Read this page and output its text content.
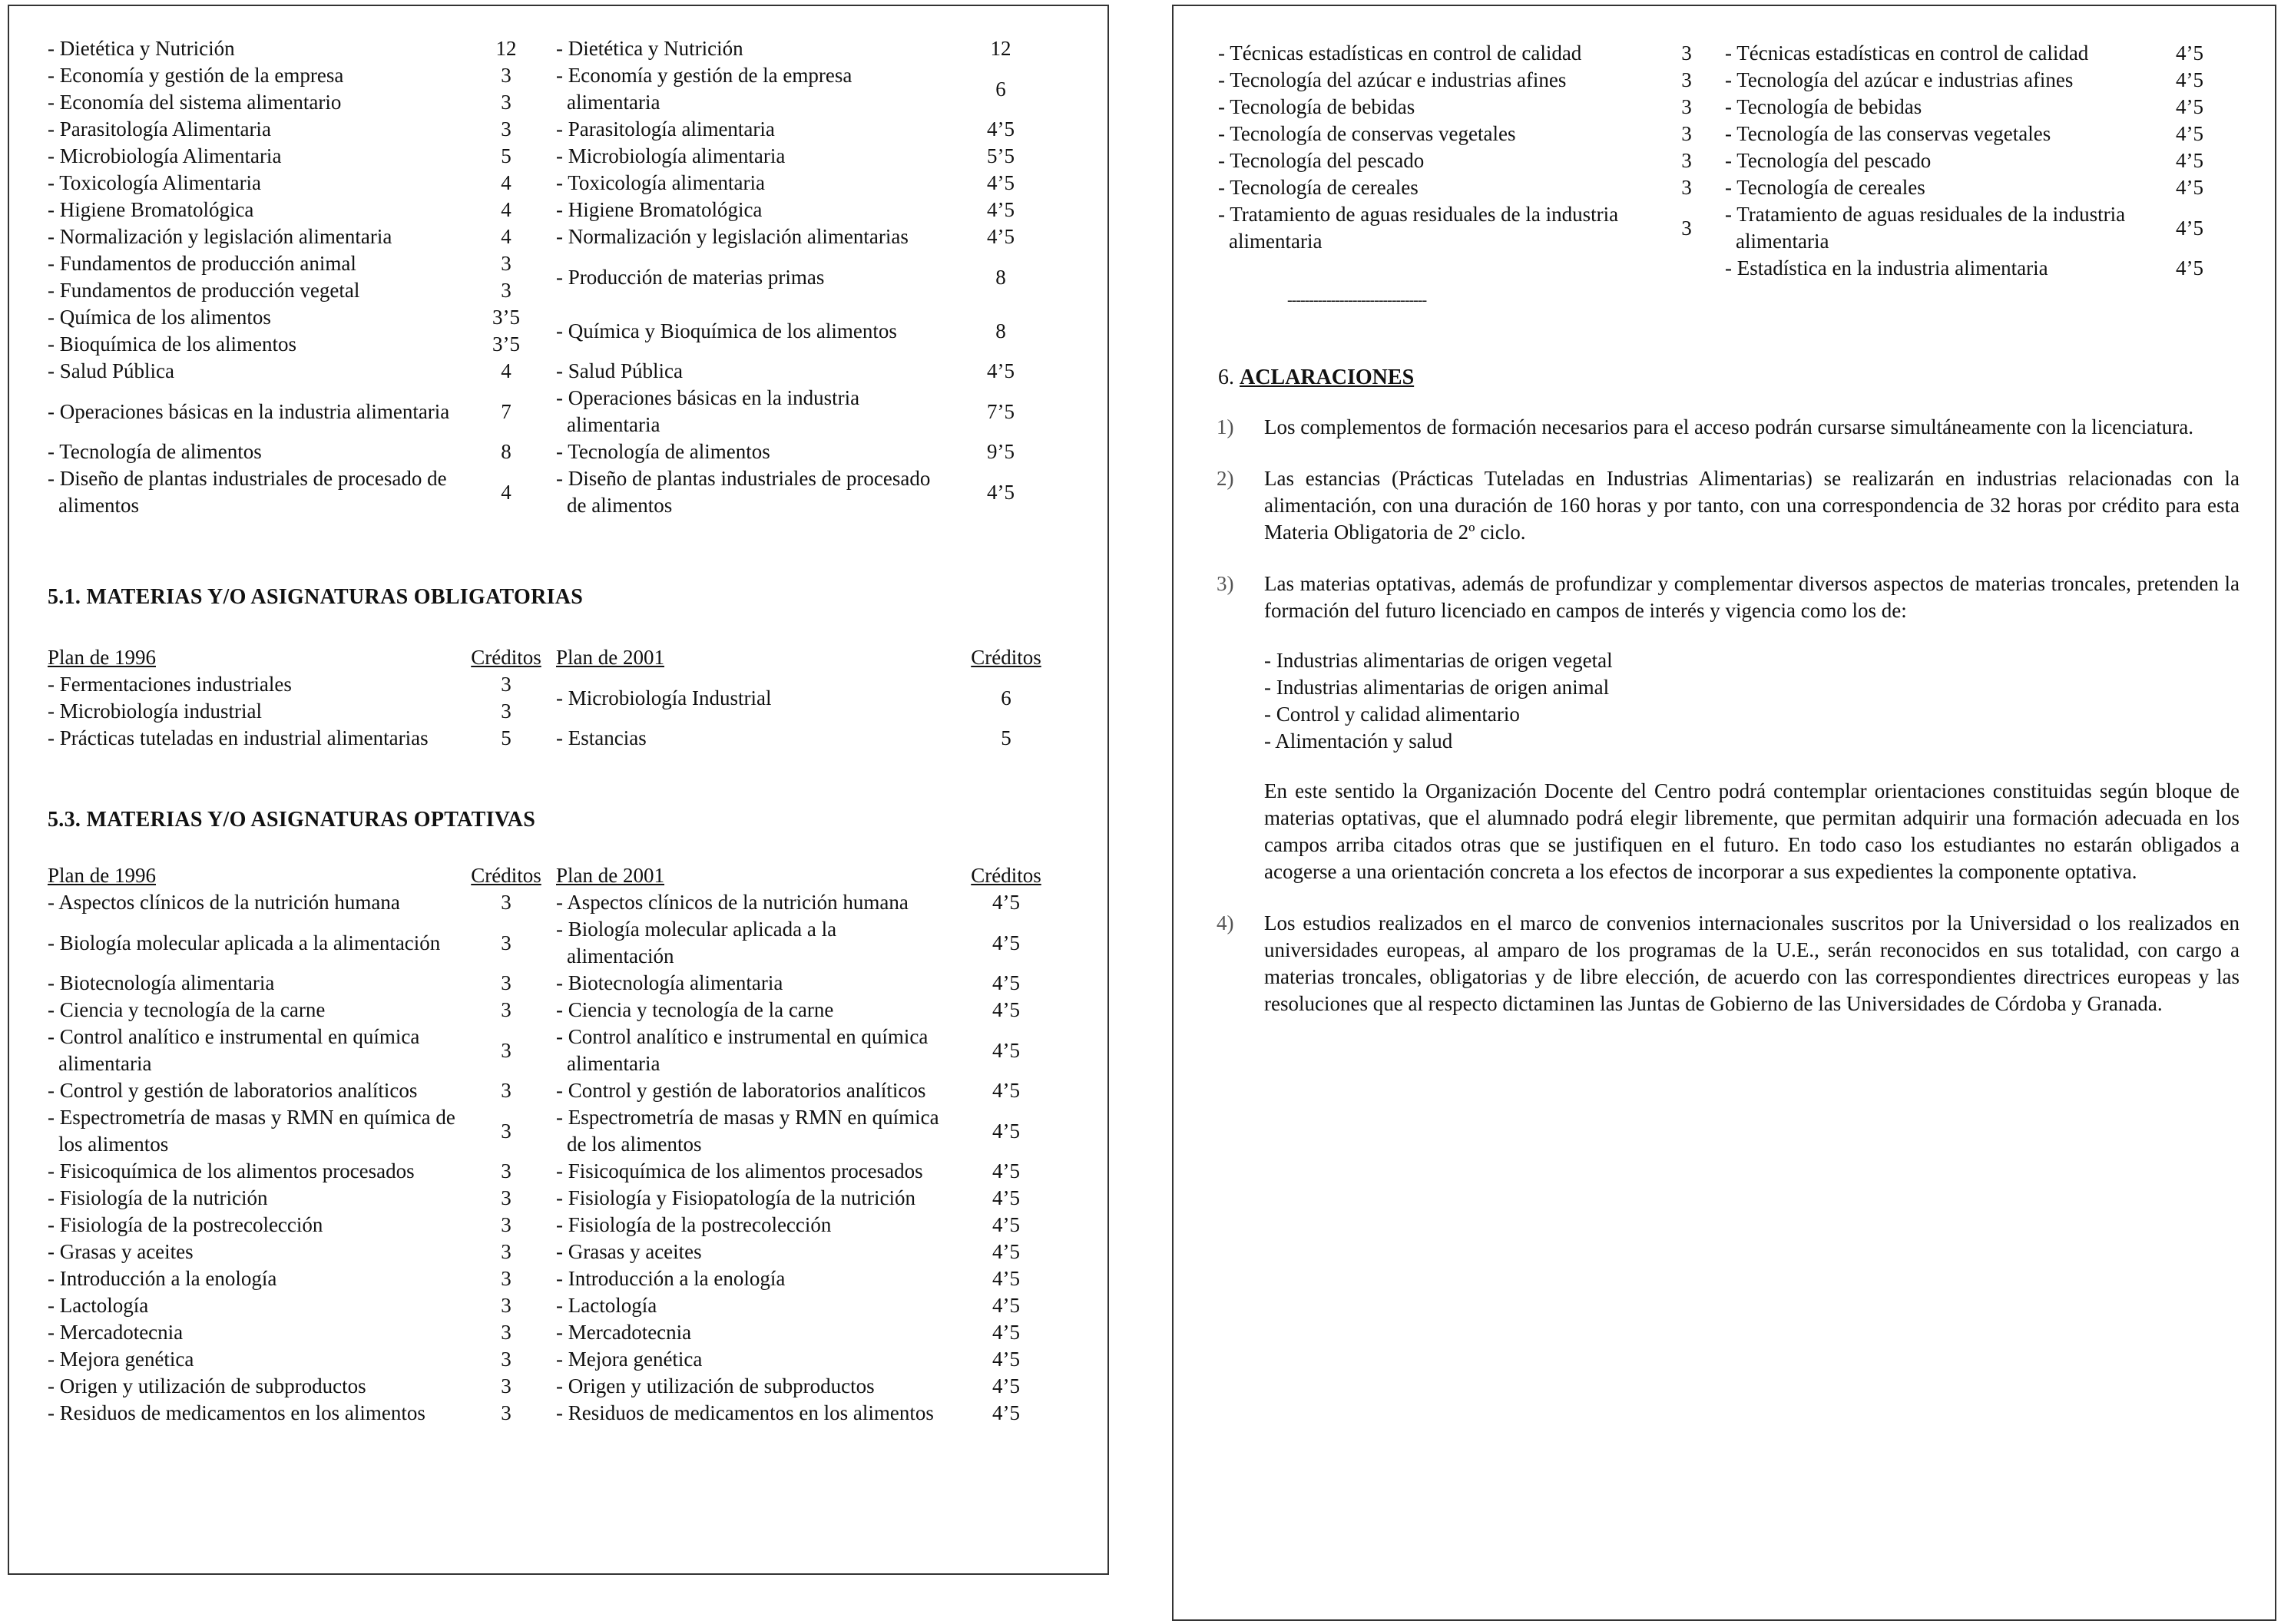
- Dietética y Nutrición	12	- Dietética y Nutrición	12
- Economía y gestión de la empresa	3	- Economía y gestión de la empresa alimentaria	6
- Economía del sistema alimentario	3		
- Parasitología Alimentaria	3	- Parasitología alimentaria	4’5
- Microbiología Alimentaria	5	- Microbiología alimentaria	5’5
- Toxicología Alimentaria	4	- Toxicología alimentaria	4’5
- Higiene Bromatológica	4	- Higiene Bromatológica	4’5
- Normalización y legislación alimentaria	4	- Normalización y legislación alimentarias	4’5
- Fundamentos de producción animal	3	- Producción de materias primas	8
- Fundamentos de producción vegetal	3		
- Química de los alimentos	3’5	- Química y Bioquímica de los alimentos	8
- Bioquímica de los alimentos	3’5		
- Salud Pública	4	- Salud Pública	4’5
- Operaciones básicas en la industria alimentaria	7	- Operaciones básicas en la industria alimentaria	7’5
- Tecnología de alimentos	8	- Tecnología de alimentos	9’5
- Diseño de plantas industriales de procesado de alimentos	4	- Diseño de plantas industriales de procesado de alimentos	4’5
5.1. MATERIAS Y/O ASIGNATURAS OBLIGATORIAS
Plan de 1996	Créditos	Plan de 2001	Créditos
- Fermentaciones industriales	3	- Microbiología Industrial	6
- Microbiología industrial	3		
- Prácticas tuteladas en industrial alimentarias	5	- Estancias	5
5.3. MATERIAS Y/O ASIGNATURAS OPTATIVAS
Plan de 1996	Créditos	Plan de 2001	Créditos
- Aspectos clínicos de la nutrición humana	3	- Aspectos clínicos de la nutrición humana	4’5
- Biología molecular aplicada a la alimentación	3	- Biología molecular aplicada a la alimentación	4’5
- Biotecnología alimentaria	3	- Biotecnología alimentaria	4’5
- Ciencia y tecnología de la carne	3	- Ciencia y tecnología de la carne	4’5
- Control analítico e instrumental en química alimentaria	3	- Control analítico e instrumental en química alimentaria	4’5
- Control y gestión de laboratorios analíticos	3	- Control y gestión de laboratorios analíticos	4’5
- Espectrometría de masas y RMN en química de los alimentos	3	- Espectrometría de masas y RMN en química de los alimentos	4’5
- Fisicoquímica de los alimentos procesados	3	- Fisicoquímica de los alimentos procesados	4’5
- Fisiología de la nutrición	3	- Fisiología y Fisiopatología de la nutrición	4’5
- Fisiología de la postrecolección	3	- Fisiología de la postrecolección	4’5
- Grasas y aceites	3	- Grasas y aceites	4’5
- Introducción a la enología	3	- Introducción a la enología	4’5
- Lactología	3	- Lactología	4’5
- Mercadotecnia	3	- Mercadotecnia	4’5
- Mejora genética	3	- Mejora genética	4’5
- Origen y utilización de subproductos	3	- Origen y utilización de subproductos	4’5
- Residuos de medicamentos en los alimentos	3	- Residuos de medicamentos en los alimentos	4’5
- Técnicas estadísticas en control de calidad	3	- Técnicas estadísticas en control de calidad	4’5
- Tecnología del azúcar e industrias afines	3	- Tecnología del azúcar e industrias afines	4’5
- Tecnología de bebidas	3	- Tecnología de bebidas	4’5
- Tecnología de conservas vegetales	3	- Tecnología de las conservas vegetales	4’5
- Tecnología del pescado	3	- Tecnología del pescado	4’5
- Tecnología de cereales	3	- Tecnología de cereales	4’5
- Tratamiento de aguas residuales de la industria alimentaria	3	- Tratamiento de aguas residuales de la industria alimentaria	4’5
		- Estadística en la industria alimentaria	4’5
--------------------------------
6. ACLARACIONES
1) Los complementos de formación necesarios para el acceso podrán cursarse simultáneamente con la licenciatura.

2) Las estancias (Prácticas Tuteladas en Industrias Alimentarias) se realizarán en industrias relacionadas con la alimentación, con una duración de 160 horas y por tanto, con una correspondencia de 32 horas por crédito para esta Materia Obligatoria de 2º ciclo.

3) Las materias optativas, además de profundizar y complementar diversos aspectos de materias troncales, pretenden la formación del futuro licenciado en campos de interés y vigencia como los de:

- Industrias alimentarias de origen vegetal
- Industrias alimentarias de origen animal
- Control y calidad alimentario
- Alimentación y salud

En este sentido la Organización Docente del Centro podrá contemplar orientaciones constituidas según bloque de materias optativas, que el alumnado podrá elegir libremente, que permitan adquirir una formación adecuada en los campos arriba citados otras que se justifiquen en el futuro. En todo caso los estudiantes no estarán obligados a acogerse a una orientación concreta a los efectos de incorporar a sus expedientes la componente optativa.

4) Los estudios realizados en el marco de convenios internacionales suscritos por la Universidad o los realizados en universidades europeas, al amparo de los programas de la U.E., serán reconocidos en sus totalidad, con cargo a materias troncales, obligatorias y de libre elección, de acuerdo con las correspondientes directrices europeas y las resoluciones que al respecto dictaminen las Juntas de Gobierno de las Universidades de Córdoba y Granada.
